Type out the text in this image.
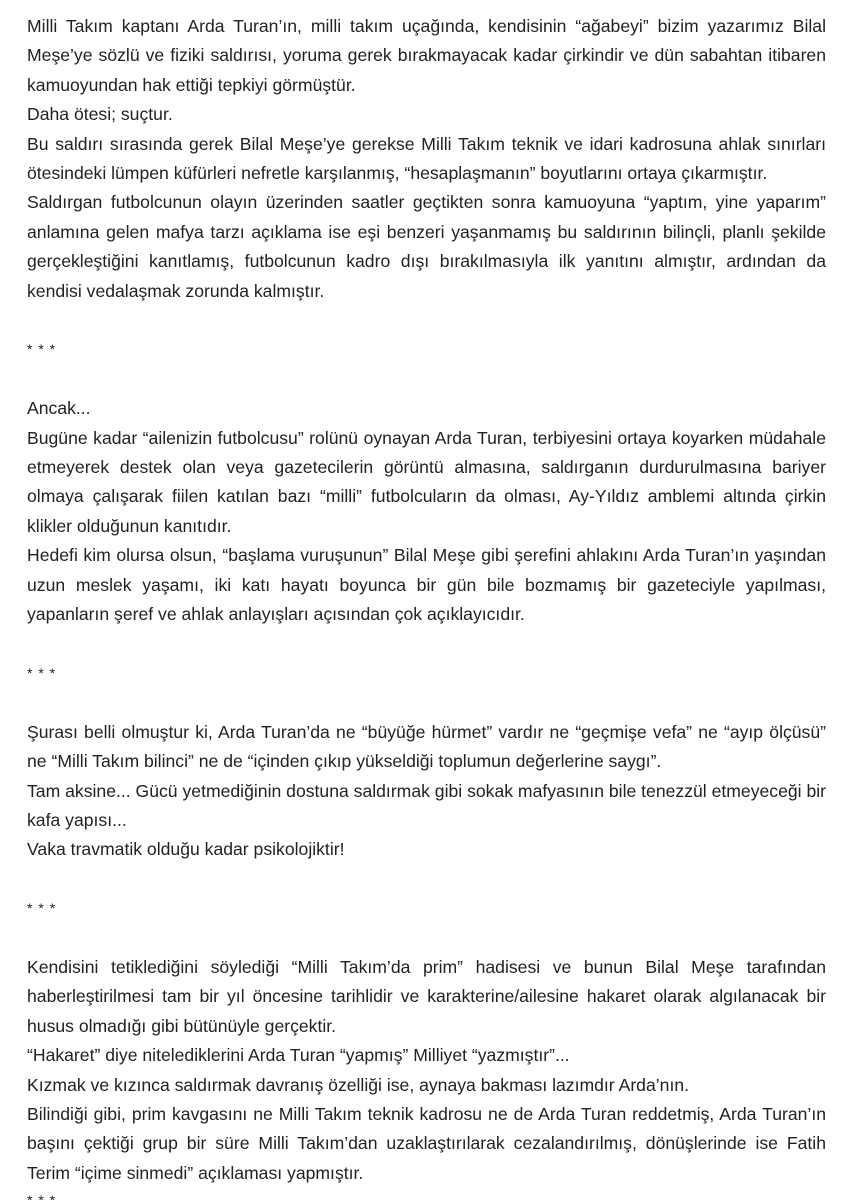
Milli Takım kaptanı Arda Turan’ın, milli takım uçağında, kendisinin “ağabeyi” bizim yazarımız Bilal Meşe’ye sözlü ve fiziki saldırısı, yoruma gerek bırakmayacak kadar çirkindir ve dün sabahtan itibaren kamuoyundan hak ettiği tepkiyi görmüştür.

Daha ötesi; suçtur.

Bu saldırı sırasında gerek Bilal Meşe’ye gerekse Milli Takım teknik ve idari kadrosuna ahlak sınırları ötesindeki lümpen küfürleri nefretle karşılanmış, “hesaplaşmanın” boyutlarını ortaya çıkarmıştır.

Saldırgan futbolcunun olayın üzerinden saatler geçtikten sonra kamuoyuna “yaptım, yine yaparım” anlamına gelen mafya tarzı açıklama ise eşi benzeri yaşanmamış bu saldırının bilinçli, planlı şekilde gerçekleştiğini kanıtlamış, futbolcunun kadro dışı bırakılmasıyla ilk yanıtını almıştır, ardından da kendisi vedalaşmak zorunda kalmıştır.

* * *

Ancak...

Bugüne kadar “ailenizin futbolcusu” rolünü oynayan Arda Turan, terbiyesini ortaya koyarken müdahale etmeyerek destek olan veya gazetecilerin görüntü almasına, saldırganın durdurulmasına bariyer olmaya çalışarak fiilen katılan bazı “milli” futbolcuların da olması, Ay-Yıldız amblemi altında çirkin klikler olduğunun kanıtıdır.

Hedefi kim olursa olsun, “başlama vuruşunun” Bilal Meşe gibi şerefini ahlakını Arda Turan’ın yaşından uzun meslek yaşamı, iki katı hayatı boyunca bir gün bile bozmamış bir gazeteciyle yapılması, yapanların şeref ve ahlak anlayışları açısından çok açıklayıcıdır.

* * *

Şurası belli olmuştur ki, Arda Turan’da ne “büyüğe hürmet” vardır ne “geçmişe vefa” ne “ayıp ölçüsü” ne “Milli Takım bilinci” ne de “içinden çıkıp yükseldiği toplumun değerlerine saygı”.

Tam aksine... Gücü yetmediğinin dostuna saldırmak gibi sokak mafyasının bile tenezzül etmeyeceği bir kafa yapısı...

Vaka travmatik olduğu kadar psikolojiktir!

* * *

Kendisini tetiklediğini söylediği “Milli Takım’da prim” hadisesi ve bunun Bilal Meşe tarafından haberleştirilmesi tam bir yıl öncesine tarihlidir ve karakterine/ailesine hakaret olarak algılanacak bir husus olmadığı gibi bütünüyle gerçektir.

“Hakaret” diye nitelediklerini Arda Turan “yapmış” Milliyet “yazmıştır”...

Kızmak ve kızınca saldırmak davranış özelliği ise, aynaya bakması lazımdır Arda’nın.

Bilindiği gibi, prim kavgasını ne Milli Takım teknik kadrosu ne de Arda Turan reddetmiş, Arda Turan’ın başını çektiği grup bir süre Milli Takım’dan uzaklaştırılarak cezalandırılmış, dönüşlerinde ise Fatih Terim “içime sinmedi” açıklaması yapmıştır.

* * *
